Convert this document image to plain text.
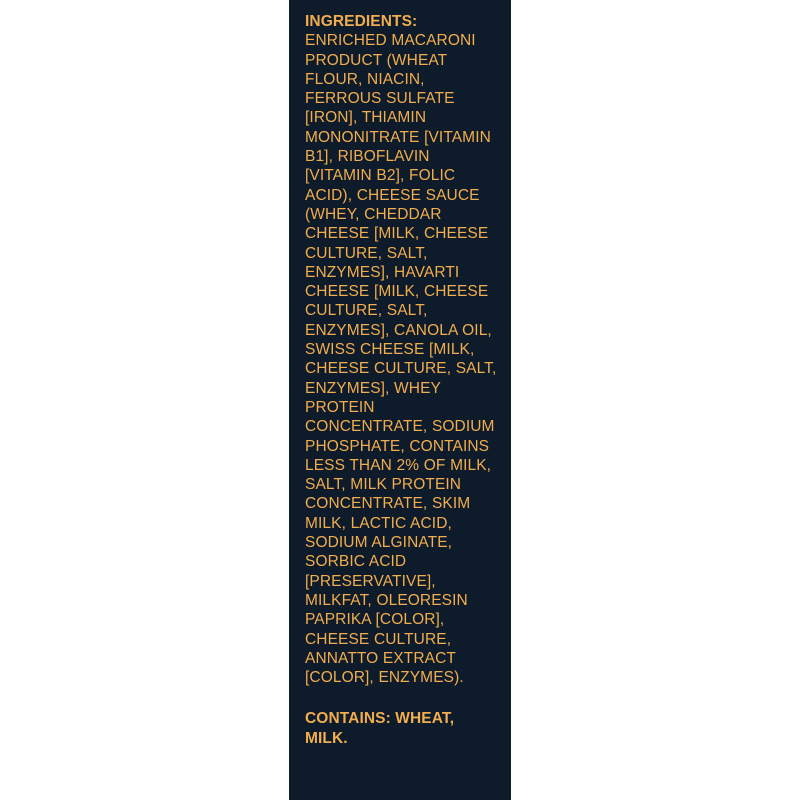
INGREDIENTS:

ENRICHED MACARONI PRODUCT (WHEAT FLOUR, NIACIN, FERROUS SULFATE [IRON], THIAMIN MONONITRATE [VITAMIN B1], RIBOFLAVIN [VITAMIN B2], FOLIC ACID), CHEESE SAUCE (WHEY, CHEDDAR CHEESE [MILK, CHEESE CULTURE, SALT, ENZYMES], HAVARTI CHEESE [MILK, CHEESE CULTURE, SALT, ENZYMES], CANOLA OIL, SWISS CHEESE [MILK, CHEESE CULTURE, SALT, ENZYMES], WHEY PROTEIN CONCENTRATE, SODIUM PHOSPHATE, CONTAINS LESS THAN 2% OF MILK, SALT, MILK PROTEIN CONCENTRATE, SKIM MILK, LACTIC ACID, SODIUM ALGINATE, SORBIC ACID [PRESERVATIVE], MILKFAT, OLEORESIN PAPRIKA [COLOR], CHEESE CULTURE, ANNATTO EXTRACT [COLOR], ENZYMES).

CONTAINS: WHEAT, MILK.
